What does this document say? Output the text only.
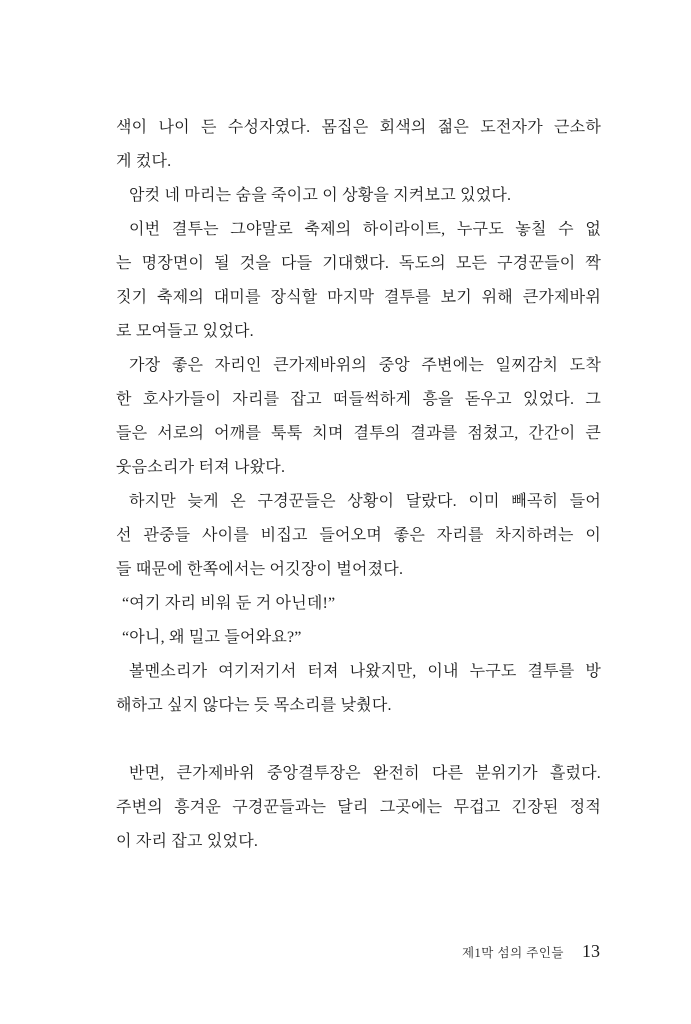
색이 나이 든 수성자였다. 몸집은 회색의 젊은 도전자가 근소하
게 컸다.
암컷 네 마리는 숨을 죽이고 이 상황을 지켜보고 있었다.
이번 결투는 그야말로 축제의 하이라이트, 누구도 놓칠 수 없
는 명장면이 될 것을 다들 기대했다. 독도의 모든 구경꾼들이 짝
짓기 축제의 대미를 장식할 마지막 결투를 보기 위해 큰가제바위
로 모여들고 있었다.
가장 좋은 자리인 큰가제바위의 중앙 주변에는 일찌감치 도착
한 호사가들이 자리를 잡고 떠들썩하게 흥을 돋우고 있었다. 그
들은 서로의 어깨를 툭툭 치며 결투의 결과를 점쳤고, 간간이 큰
웃음소리가 터져 나왔다.
하지만 늦게 온 구경꾼들은 상황이 달랐다. 이미 빼곡히 들어
선 관중들 사이를 비집고 들어오며 좋은 자리를 차지하려는 이
들 때문에 한쪽에서는 어깃장이 벌어졌다.
“여기 자리 비워 둔 거 아닌데!”
“아니, 왜 밀고 들어와요?”
볼멘소리가 여기저기서 터져 나왔지만, 이내 누구도 결투를 방
해하고 싶지 않다는 듯 목소리를 낮췄다.
반면, 큰가제바위 중앙결투장은 완전히 다른 분위기가 흘렀다.
주변의 흥겨운 구경꾼들과는 달리 그곳에는 무겁고 긴장된 정적
이 자리 잡고 있었다.
제1막 섬의 주인들 13
